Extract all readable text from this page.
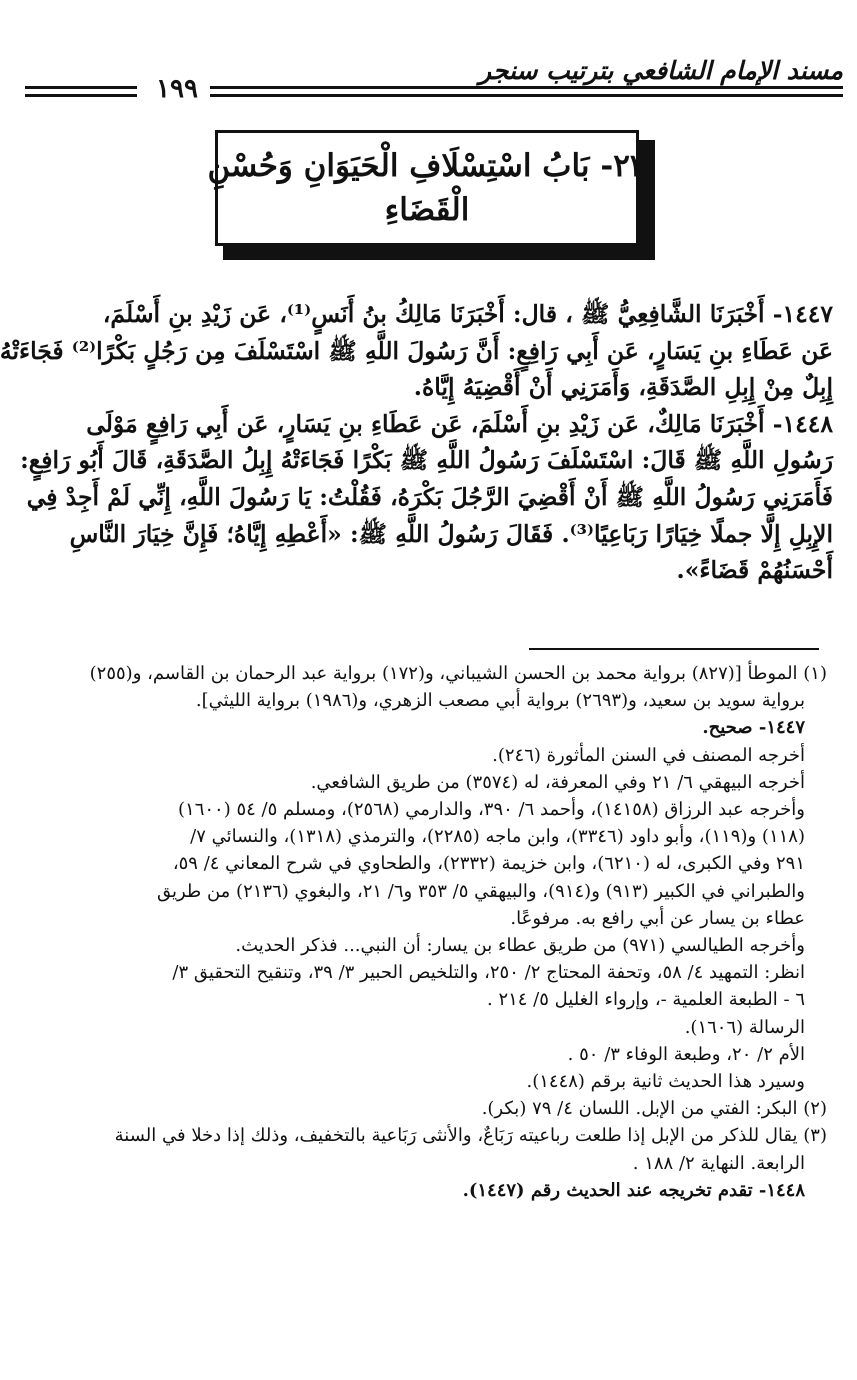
مسند الإمام الشافعي بترتيب سنجر
١٩٩
٢٣- بَابُ اسْتِسْلَافِ الْحَيَوَانِ وَحُسْنِ
الْقَضَاءِ

١٤٤٧- أَخْبَرَنَا الشَّافِعِيُّ ﷺ ، قال: أَخْبَرَنَا مَالِكُ بنُ أَنَسٍ⁽¹⁾، عَن زَيْدِ بنِ أَسْلَمَ،

عَن عَطَاءِ بنِ يَسَارٍ، عَن أَبِي رَافِعٍ: أَنَّ رَسُولَ اللَّهِ ﷺ اسْتَسْلَفَ مِن رَجُلٍ بَكْرًا⁽²⁾ فَجَاءَتْهُ

إِبِلٌ مِنْ إِبِلِ الصَّدَقَةِ، وَأَمَرَنِي أَنْ أَقْضِيَهُ إِيَّاهُ.

١٤٤٨- أَخْبَرَنَا مَالِكٌ، عَن زَيْدِ بنِ أَسْلَمَ، عَن عَطَاءِ بنِ يَسَارٍ، عَن أَبِي رَافِعٍ مَوْلَى

رَسُولِ اللَّهِ ﷺ قَالَ: اسْتَسْلَفَ رَسُولُ اللَّهِ ﷺ بَكْرًا فَجَاءَتْهُ إِبِلُ الصَّدَقَةِ، قَالَ أَبُو رَافِعٍ:

فَأَمَرَنِي رَسُولُ اللَّهِ ﷺ أَنْ أَقْضِيَ الرَّجُلَ بَكْرَهُ، فَقُلْتُ: يَا رَسُولَ اللَّهِ، إِنِّي لَمْ أَجِدْ فِي

الإِبِلِ إِلَّا جملًا خِيَارًا رَبَاعِيًا⁽³⁾. فَقَالَ رَسُولُ اللَّهِ ﷺ: «أَعْطِهِ إِيَّاهُ؛ فَإِنَّ خِيَارَ النَّاسِ

أَحْسَنُهُمْ قَضَاءً».

(١) الموطأ [(٨٢٧) برواية محمد بن الحسن الشيباني، و(١٧٢) برواية عبد الرحمان بن القاسم، و(٢٥٥)

برواية سويد بن سعيد، و(٢٦٩٣) برواية أبي مصعب الزهري، و(١٩٨٦) برواية الليثي].

١٤٤٧- صحيح.

أخرجه المصنف في السنن المأثورة (٢٤٦).

أخرجه البيهقي ٦/ ٢١ وفي المعرفة، له (٣٥٧٤) من طريق الشافعي.

وأخرجه عبد الرزاق (١٤١٥٨)، وأحمد ٦/ ٣٩٠، والدارمي (٢٥٦٨)، ومسلم ٥/ ٥٤ (١٦٠٠)

(١١٨) و(١١٩)، وأبو داود (٣٣٤٦)، وابن ماجه (٢٢٨٥)، والترمذي (١٣١٨)، والنسائي ٧/

٢٩١ وفي الكبرى، له (٦٢١٠)، وابن خزيمة (٢٣٣٢)، والطحاوي في شرح المعاني ٤/ ٥٩،

والطبراني في الكبير (٩١٣) و(٩١٤)، والبيهقي ٥/ ٣٥٣ و٦/ ٢١، والبغوي (٢١٣٦) من طريق

عطاء بن يسار عن أبي رافع به. مرفوعًا.

وأخرجه الطيالسي (٩٧١) من طريق عطاء بن يسار: أن النبي... فذكر الحديث.

انظر: التمهيد ٤/ ٥٨، وتحفة المحتاج ٢/ ٢٥٠، والتلخيص الحبير ٣/ ٣٩، وتنقيح التحقيق ٣/

٦ - الطبعة العلمية -، وإرواء الغليل ٥/ ٢١٤ .

الرسالة (١٦٠٦).

الأم ٢/ ٢٠، وطبعة الوفاء ٣/ ٥٠ .

وسيرد هذا الحديث ثانية برقم (١٤٤٨).

(٢) البكر: الفتي من الإبل. اللسان ٤/ ٧٩ (بكر).

(٣) يقال للذكر من الإبل إذا طلعت رباعيته رَبَاعٌ، والأنثى رَبَاعية بالتخفيف، وذلك إذا دخلا في السنة

الرابعة. النهاية ٢/ ١٨٨ .

١٤٤٨- تقدم تخريجه عند الحديث رقم (١٤٤٧).
